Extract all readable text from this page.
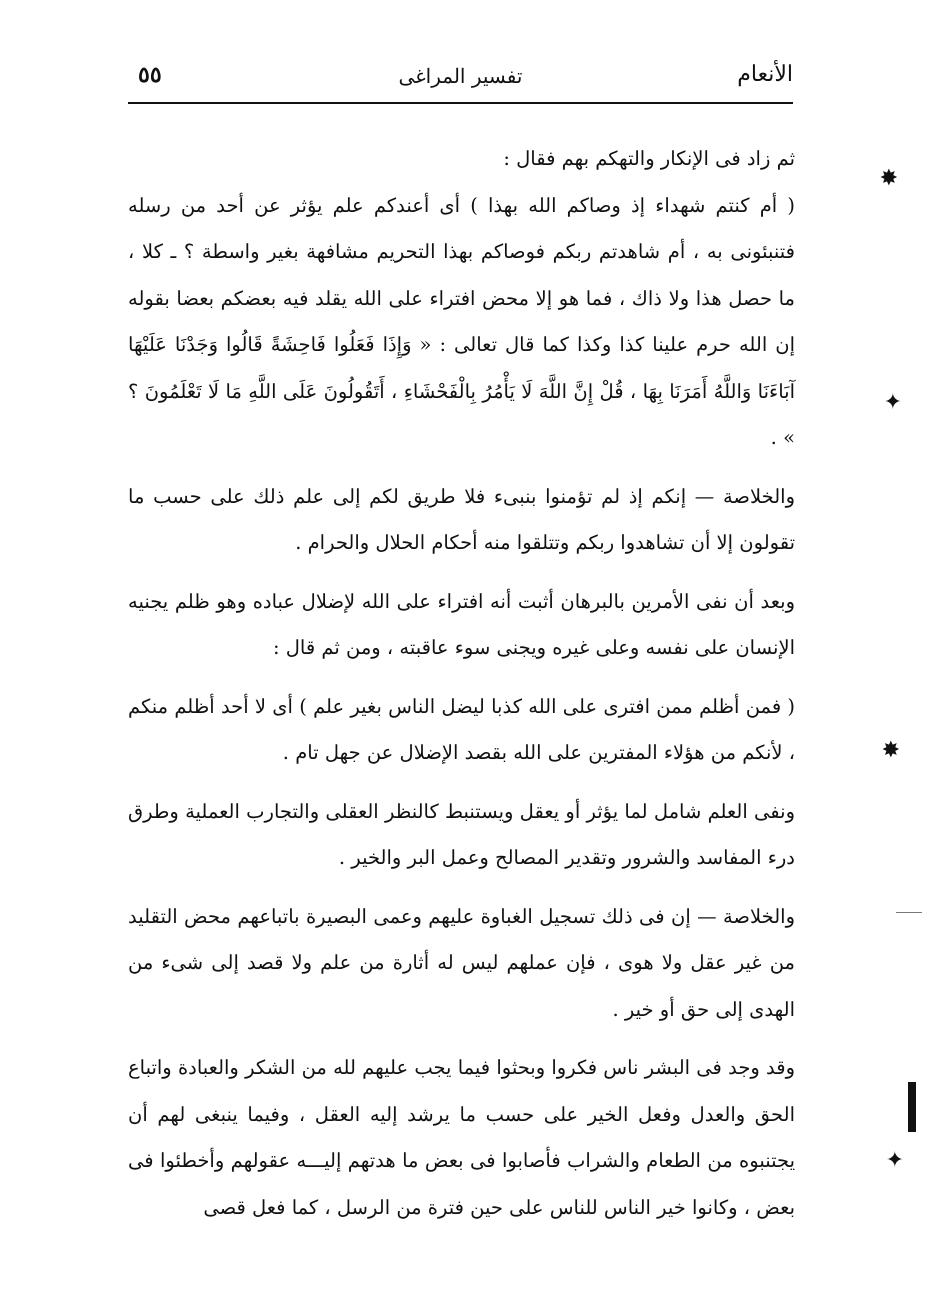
٥٥	تفسير المراغى	الأنعام

ثم زاد فى الإنكار والتهكم بهم فقال :

( أم كنتم شهداء إذ وصاكم الله بهذا ) أى أعندكم علم يؤثر عن أحد من رسله فتنبئونى به ، أم شاهدتم ربكم فوصاكم بهذا التحريم مشافهة بغير واسطة ؟ ـ كلا ، ما حصل هذا ولا ذاك ، فما هو إلا محض افتراء على الله يقلد فيه بعضكم بعضا بقوله إن الله حرم علينا كذا وكذا كما قال تعالى : « وَإِذَا فَعَلُوا فَاحِشَةً قَالُوا وَجَدْنَا عَلَيْهَا آبَاءَنَا وَاللَّهُ أَمَرَنَا بِهَا ، قُلْ إِنَّ اللَّهَ لَا يَأْمُرُ بِالْفَحْشَاءِ ، أَتَقُولُونَ عَلَى اللَّهِ مَا لَا تَعْلَمُونَ ؟ » .

والخلاصة — إنكم إذ لم تؤمنوا بنبىء فلا طريق لكم إلى علم ذلك على حسب ما تقولون إلا أن تشاهدوا ربكم وتتلقوا منه أحكام الحلال والحرام .

وبعد أن نفى الأمرين بالبرهان أثبت أنه افتراء على الله لإضلال عباده وهو ظلم يجنيه الإنسان على نفسه وعلى غيره ويجنى سوء عاقبته ، ومن ثم قال :

( فمن أظلم ممن افترى على الله كذبا ليضل الناس بغير علم ) أى لا أحد أظلم منكم ، لأنكم من هؤلاء المفترين على الله بقصد الإضلال عن جهل تام .

ونفى العلم شامل لما يؤثر أو يعقل ويستنبط كالنظر العقلى والتجارب العملية وطرق درء المفاسد والشرور وتقدير المصالح وعمل البر والخير .

والخلاصة — إن فى ذلك تسجيل الغباوة عليهم وعمى البصيرة باتباعهم محض التقليد من غير عقل ولا هوى ، فإن عملهم ليس له أثارة من علم ولا قصد إلى شىء من الهدى إلى حق أو خير .

وقد وجد فى البشر ناس فكروا وبحثوا فيما يجب عليهم لله من الشكر والعبادة واتباع الحق والعدل وفعل الخير على حسب ما يرشد إليه العقل ، وفيما ينبغى لهم أن يجتنبوه من الطعام والشراب فأصابوا فى بعض ما هدتهم إليـــه عقولهم وأخطئوا فى بعض ، وكانوا خير الناس للناس على حين فترة من الرسل ، كما فعل قصى

✸
✦
✸
✦
